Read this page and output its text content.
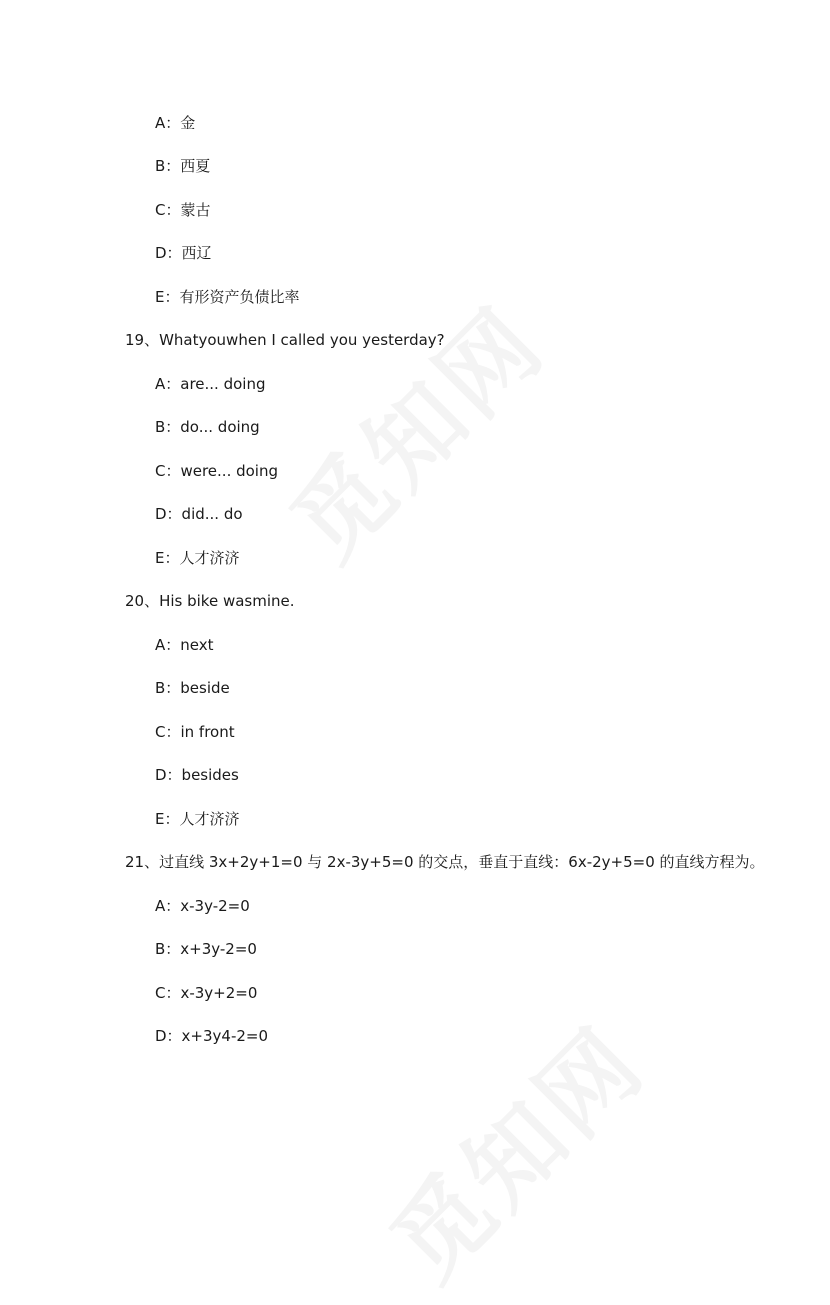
A：金
B：西夏
C：蒙古
D：西辽
E：有形资产负债比率
19、Whatyouwhen I called you yesterday?
A：are... doing
B：do... doing
C：were... doing
D：did... do
E：人才济济
20、His bike wasmine.
A：next
B：beside
C：in front
D：besides
E：人才济济
21、过直线 3x+2y+1=0 与 2x-3y+5=0 的交点，垂直于直线：6x-2y+5=0 的直线方程为。
A：x-3y-2=0
B：x+3y-2=0
C：x-3y+2=0
D：x+3y4-2=0
